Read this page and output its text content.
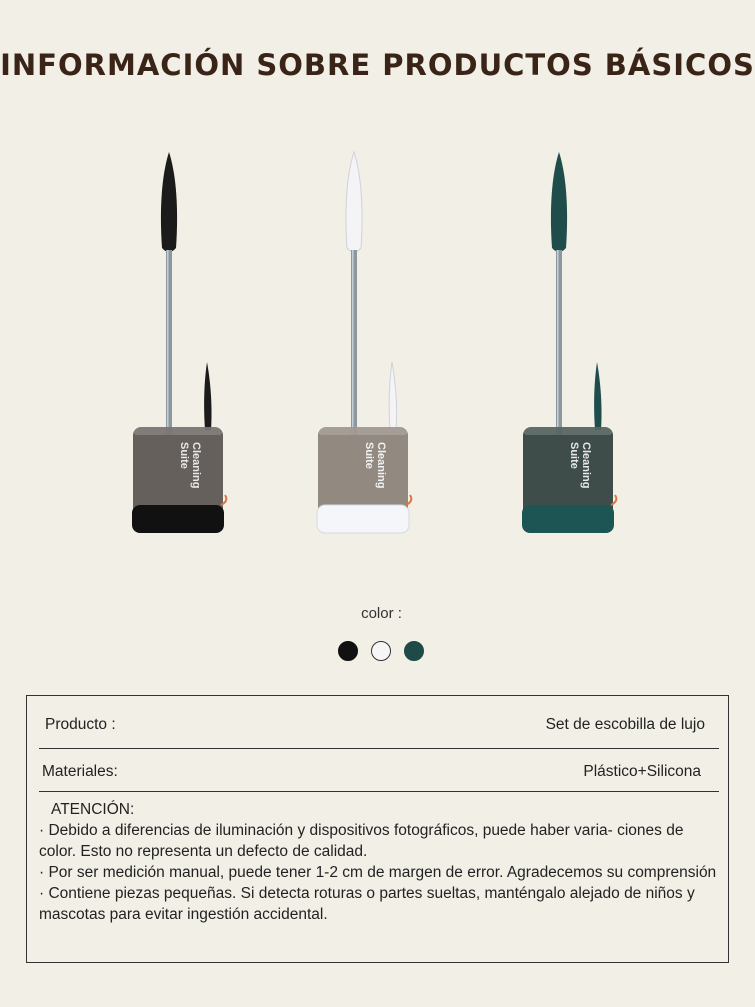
INFORMACIÓN SOBRE PRODUCTOS BÁSICOS
CleaningSuite	CleaningSuite	CleaningSuite
color :
Producto :	Set de escobilla de lujo
Materiales:	Plástico+Silicona

ATENCIÓN:

· Debido a diferencias de iluminación y dispositivos fotográficos, puede haber varia- ciones de color. Esto no representa un defecto de calidad.

· Por ser medición manual, puede tener 1-2 cm de margen de error. Agradecemos su comprensión

· Contiene piezas pequeñas. Si detecta roturas o partes sueltas, manténgalo alejado de niños y mascotas para evitar ingestión accidental.
